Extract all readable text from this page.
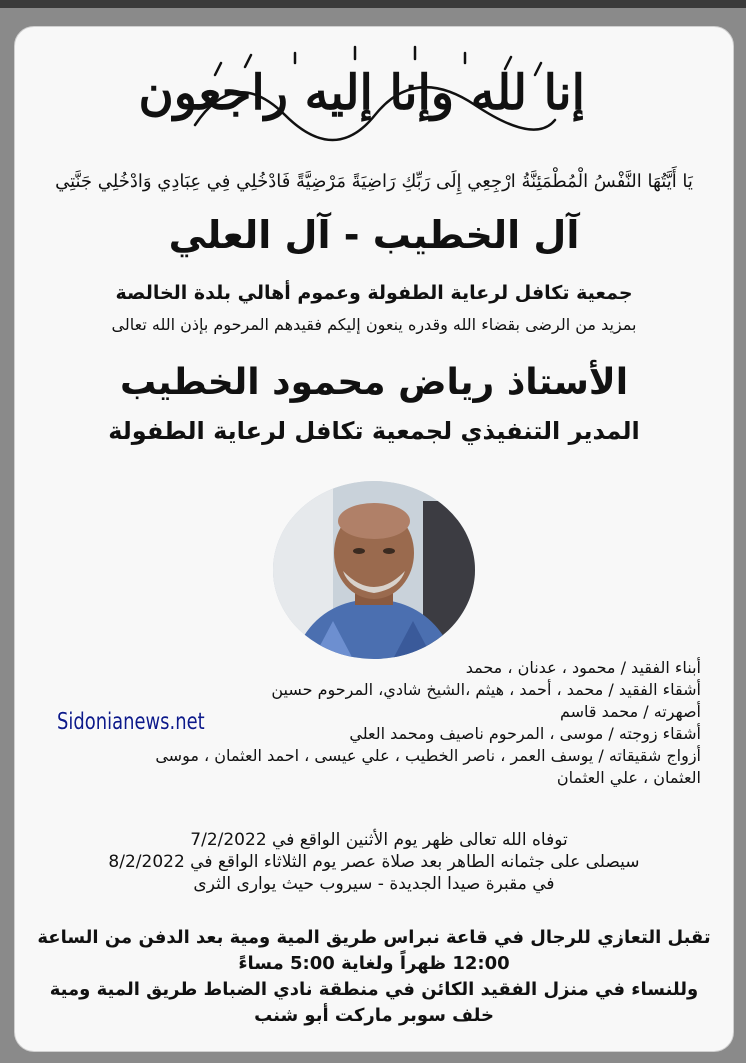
إنا لله وإنا إليه راجعون
يَا أَيَّتُهَا النَّفْسُ الْمُطْمَئِنَّةُ ارْجِعِي إِلَى رَبِّكِ رَاضِيَةً مَرْضِيَّةً فَادْخُلِي فِي عِبَادِي وَادْخُلِي جَنَّتِي
آل الخطيب - آل العلي
جمعية تكافل لرعاية الطفولة وعموم أهالي بلدة الخالصة
بمزيد من الرضى بقضاء الله وقدره ينعون إليكم فقيدهم المرحوم بإذن الله تعالى
الأستاذ رياض محمود الخطيب
المدير التنفيذي لجمعية تكافل لرعاية الطفولة
أبناء الفقيد / محمود ، عدنان ، محمد
أشقاء الفقيد / محمد ، أحمد ، هيثم ،الشيخ شادي، المرحوم حسين
أصهرته / محمد قاسم
أشقاء زوجته / موسى ، المرحوم ناصيف ومحمد العلي
أزواج شقيقاته / يوسف العمر ، ناصر الخطيب ، علي عيسى ، احمد العثمان ، موسى
العثمان ، علي العثمان
Sidonianews.net
توفاه الله تعالى ظهر يوم الأثنين الواقع في 7/2/2022
سيصلى على جثمانه الطاهر بعد صلاة عصر يوم الثلاثاء الواقع في 8/2/2022
في مقبرة صيدا الجديدة - سيروب حيث يوارى الثرى
تقبل التعازي للرجال في قاعة نبراس طريق المية ومية بعد الدفن من الساعة
12:00 ظهراً ولغاية 5:00 مساءً
وللنساء في منزل الفقيد الكائن في منطقة نادي الضباط طريق المية ومية
خلف سوبر ماركت أبو شنب
